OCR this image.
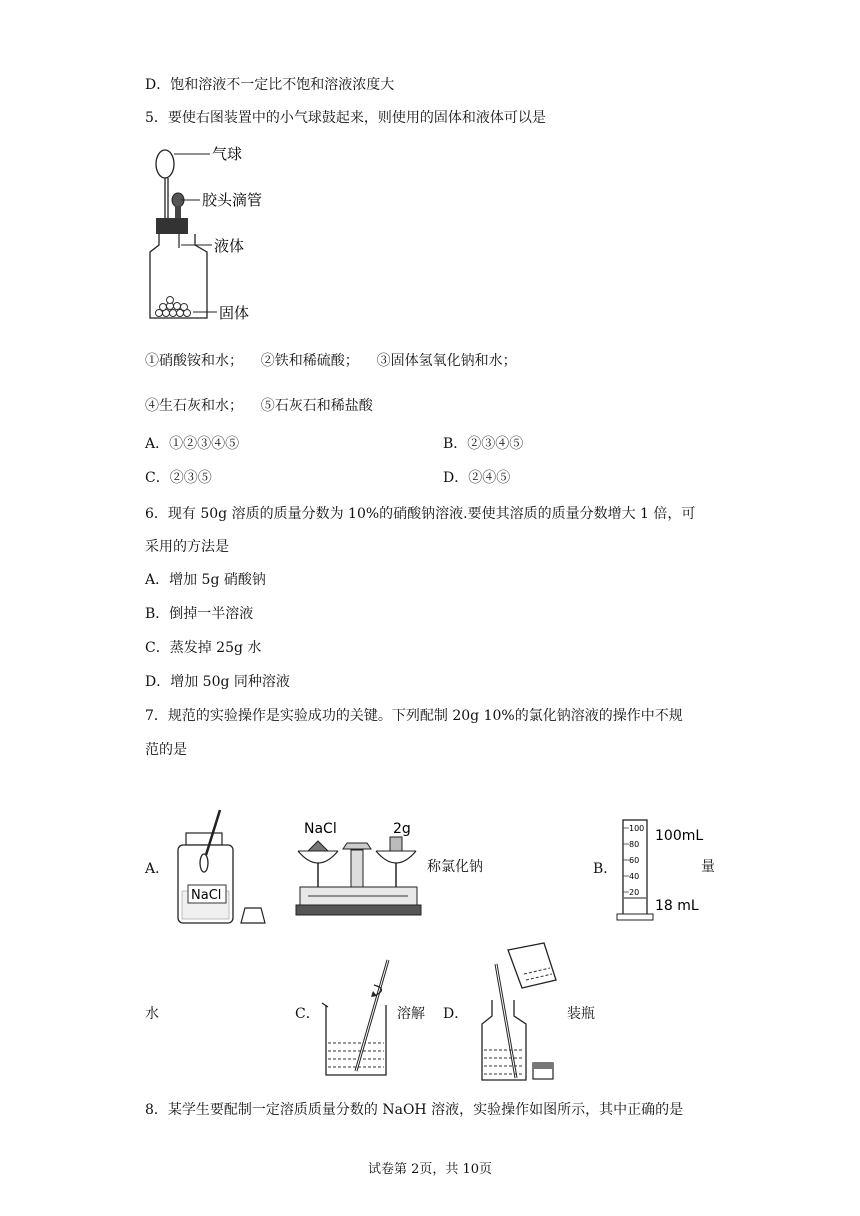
D．饱和溶液不一定比不饱和溶液浓度大
5．要使右图装置中的小气球鼓起来，则使用的固体和液体可以是
气球
胶头滴管
液体
固体
①硝酸铵和水；    ②铁和稀硫酸；    ③固体氢氧化钠和水；
④生石灰和水；    ⑤石灰石和稀盐酸
A．①②③④⑤	B．②③④⑤
C．②③⑤	D．②④⑤
6．现有 50g 溶质的质量分数为 10%的硝酸钠溶液.要使其溶质的质量分数增大 1 倍，可
采用的方法是
A．增加 5g 硝酸钠
B．倒掉一半溶液
C．蒸发掉 25g 水
D．增加 50g 同种溶液
7．规范的实验操作是实验成功的关键。下列配制 20g 10%的氯化钠溶液的操作中不规
范的是
A．
NaCl
NaCl	2g
称氯化钠	B．
100
80
60
40
20
100mL
18 mL
量
水	C．	溶解 D．	装瓶
8．某学生要配制一定溶质质量分数的 NaOH 溶液，实验操作如图所示，其中正确的是
试卷第 2页，共 10页
